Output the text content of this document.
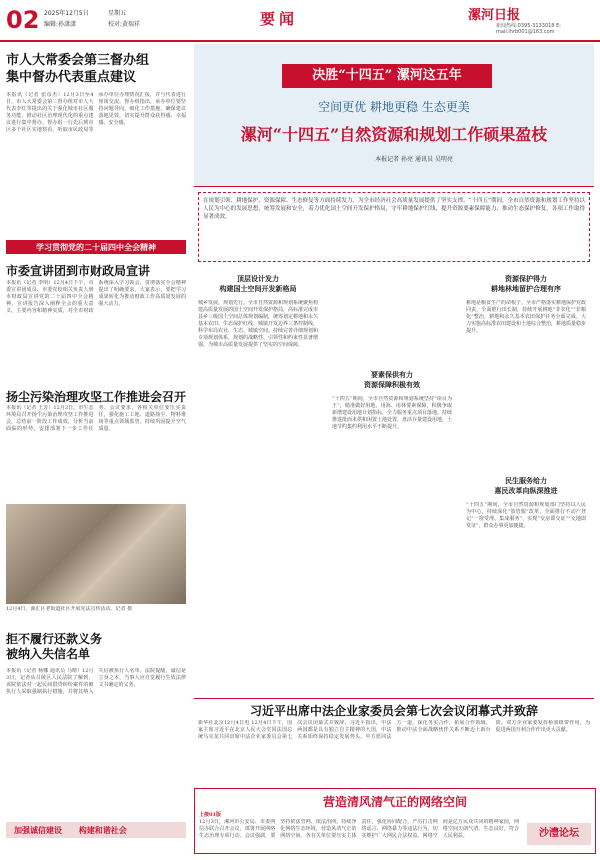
02 2025年12月5日	星期五
编辑:孙潇潇	校对:黄瑞祥	要闻	漯河日报
新闻热线:0395-3133018 E-mail:lhrb001@163.com
市人大常委会第三督办组
集中督办代表重点建议
本报讯（记者 张彦杰）12月3日至4日，市人大常委会第三督办组对市人大代表李红等提出的关于强化城市社区服务功能、推动社区治理现代化的重点建议进行集中督办。督办组一行先后到市区多个社区实地察看，听取市民政局等承办单位办理情况汇报，并与代表进行座谈交流。督办组指出，承办单位要坚持问题导向，细化工作措施，确保建议落地见效，切实提升群众获得感、幸福感、安全感。
学习贯彻党的二十届四中全会精神
市委宣讲团到市财政局宣讲
本报讯（记者 李明）12月4日下午，市委宣讲团成员、市委党校相关负责人到市财政局宣讲党的二十届四中全会精神。宣讲报告深入阐释全会的重大意义、主要内容和精神实质，对全市财政系统深入学习领会、贯彻落实全会精神提出了明确要求。大家表示，要把学习成果转化为推动财政工作高质量发展的强大动力。
扬尘污染治理攻坚工作推进会召开
本报讯（记者 王芳）12月3日，市生态环境局召开扬尘污染治理攻坚工作推进会，总结前一阶段工作成效，分析当前面临的形势，安排部署下一步工作任务。会议要求，各相关单位要压实责任，强化施工工地、道路扬尘、物料堆场等重点领域监管，持续巩固提升空气质量。
12月4日，源汇区老街道社区开展宪法宣传活动。记者 摄
拒不履行还款义务
被纳入失信名单
本报讯（记者 杨娜 通讯员 马晴）12月3日，记者从召陵区人民法院了解到，该院依法对一起民间借贷纠纷案件的被执行人采取强制执行措施，并将其纳入失信被执行人名单。法院提醒，诚信是立身之本，当事人应自觉履行生效法律文书确定的义务。
加强诚信建设 构建和谐社会
决胜“十四五” 漯河这五年
空间更优 耕地更稳 生态更美
漯河“十四五”自然资源和规划工作硕果盈枝
本报记者 孙亮 通讯员 吴明亮
在规划引领、耕地保护、资源保障、生态修复等方面持续发力，为全市经济社会高质量发展提供了坚实支撑。“十四五”期间，全市自然资源和规划工作坚持以人民为中心的发展思想，统筹发展和安全，着力优化国土空间开发保护格局，守牢耕地保护红线，提升资源要素保障能力，推动生态保护修复，各项工作取得显著成效。
顶层设计发力
构建国土空间开发新格局
城乡发展，规划先行。全市自然资源和规划系统聚焦构建高质量发展的国土空间开发保护格局，高标准完成市县乡三级国土空间总体规划编制，统筹划定耕地和永久基本农田、生态保护红线、城镇开发边界三条控制线，科学布局农业、生态、城镇空间。持续完善详细规划和专项规划体系，规划的战略性、引领性和约束性显著增强，为城市高质量发展提供了坚实的空间保障。
要素保供有力
资源保障积极有效
“十四五”期间，全市自然资源和规划系统坚持“项目为王”，精准做好用地、用海、用林要素保障，积极争取新增建设用地计划指标，全力服务重点项目落地。持续推进批而未供和闲置土地处置，盘活存量建设用地，土地节约集约利用水平不断提升。
资源保护得力
耕地林地留护合理有序
耕地是粮食生产的命根子。全市严格落实耕地保护党政同责，全面推行田长制，持续开展耕地“非农化”“非粮化”整治，耕地和永久基本农田保护任务全面完成。大力实施高标准农田建设和土地综合整治，耕地质量稳步提升。
民生服务给力
惠民改革向纵深推进
“十四五”期间，全市自然资源和规划部门坚持以人民为中心，持续深化“放管服”改革，全面推行不动产登记“一窗受理、集成服务”，实现“交房即交证”“交地即发证”，群众办事更加便捷。
习近平出席中法企业家委员会第七次会议闭幕式并致辞
新华社北京12月4日电 12月4日下午，国家主席习近平在北京人民大会堂同法国总统马克龙共同出席中法企业家委员会第七次会议闭幕式并致辞。习近平指出，中法两国都是具有独立自主精神的大国，中法关系始终保持稳定发展势头。中方愿同法方一道，深化务实合作，拓展合作领域，推动中法全面战略伙伴关系不断迈上新台阶。双方企业家要发挥桥梁纽带作用，为促进两国互利合作作出更大贡献。
营造清风清气正的网络空间
上接01版
12月3日，漯河市公安局、市委网信办联合召开会议，部署开展网络生态治理专项行动。会议强调，要坚持依法管网、依法治网，持续净化网络生态环境，营造风清气正的网络空间。各有关单位要压实主体责任，强化协同配合，严厉打击网络谣言、网络暴力等违法行为，切实维护广大网民合法权益。网络空间是亿万民众共同的精神家园，网络空间天朗气清、生态良好，符合人民利益。	沙澧论坛
